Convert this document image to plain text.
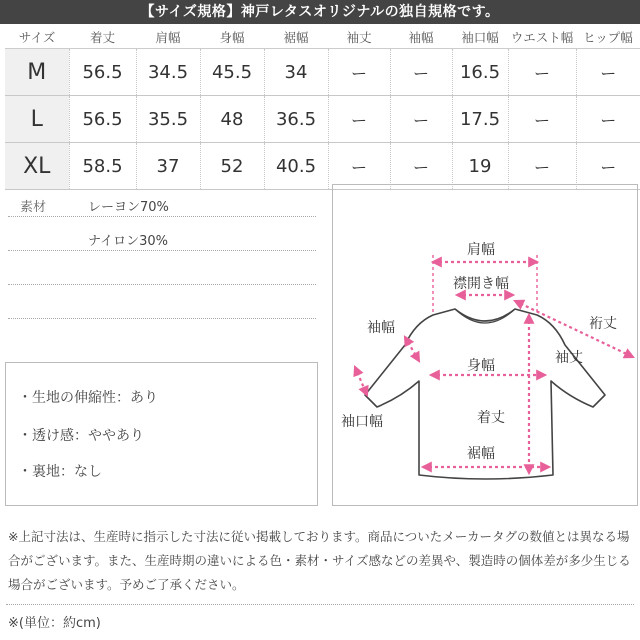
【サイズ規格】神戸レタスオリジナルの独自規格です。
サイズ	着丈	肩幅	身幅	裾幅	袖丈	袖幅	袖口幅	ウエスト幅	ヒップ幅
M	56.5	34.5	45.5	34	ー	ー	16.5	ー	ー
L	56.5	35.5	48	36.5	ー	ー	17.5	ー	ー
XL	58.5	37	52	40.5	ー	ー	19	ー	ー
素材	レーヨン70%
ナイロン30%
・生地の伸縮性：あり
・透け感：ややあり
・裏地：なし
肩幅
襟開き幅
袖幅	裄丈
袖丈
身幅
着丈
袖口幅
裾幅
※上記寸法は、生産時に指示した寸法に従い掲載しております。商品についたメーカータグの数値とは異なる場合がございます。また、生産時期の違いによる色・素材・サイズ感などの差異や、製造時の個体差が多少生じる場合がございます。予めご了承ください。
※(単位：約cm)
